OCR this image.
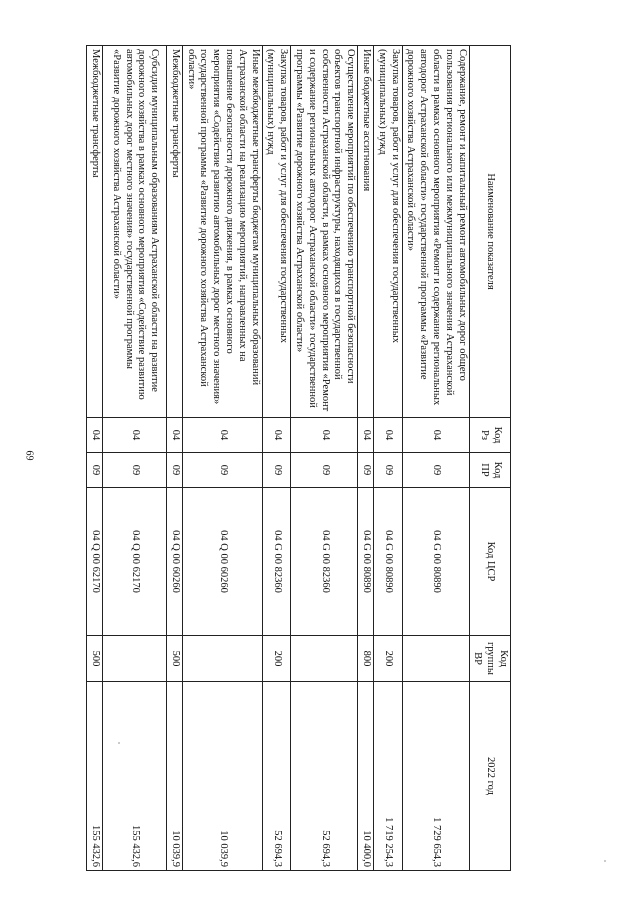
69
Наименование показателя	Код Рз	Код ПР	Код ЦСР	Код группы ВР	2022 год
Содержание, ремонт и капитальный ремонт автомобильных дорог общего пользования регионального или межмуниципального значения Астраханской области в рамках основного мероприятия «Ремонт и содержание региональных автодорог Астраханской области» государственной программы «Развитие дорожного хозяйства Астраханской области»	04	09	04 G 00 80890		1 729 654,3
Закупка товаров, работ и услуг для обеспечения государственных (муниципальных) нужд	04	09	04 G 00 80890	200	1 719 254,3
Иные бюджетные ассигнования	04	09	04 G 00 80890	800	10 400,0
Осуществление мероприятий по обеспечению транспортной безопасности объектов транспортной инфраструктуры, находящихся в государственной собственности Астраханской области, в рамках основного мероприятия «Ремонт и содержание региональных автодорог Астраханской области» государственной программы «Развитие дорожного хозяйства Астраханской области»	04	09	04 G 00 82360		52 694,3
Закупка товаров, работ и услуг для обеспечения государственных (муниципальных) нужд	04	09	04 G 00 82360	200	52 694,3
Иные межбюджетные трансферты бюджетам муниципальных образований Астраханской области на реализацию мероприятий, направленных на повышение безопасности дорожного движения, в рамках основного мероприятия «Содействие развитию автомобильных дорог местного значения» государственной программы «Развитие дорожного хозяйства Астраханской области»	04	09	04 Q 00 60260		10 039,9
Межбюджетные трансферты	04	09	04 Q 00 60260	500	10 039,9
Субсидии муниципальным образованиям Астраханской области на развитие дорожного хозяйства в рамках основного мероприятия «Содействие развитию автомобильных дорог местного значения» государственной программы «Развитие дорожного хозяйства Астраханской области»	04	09	04 Q 00 62170		155 432,6
Межбюджетные трансферты	04	09	04 Q 00 62170	500	155 432,6
